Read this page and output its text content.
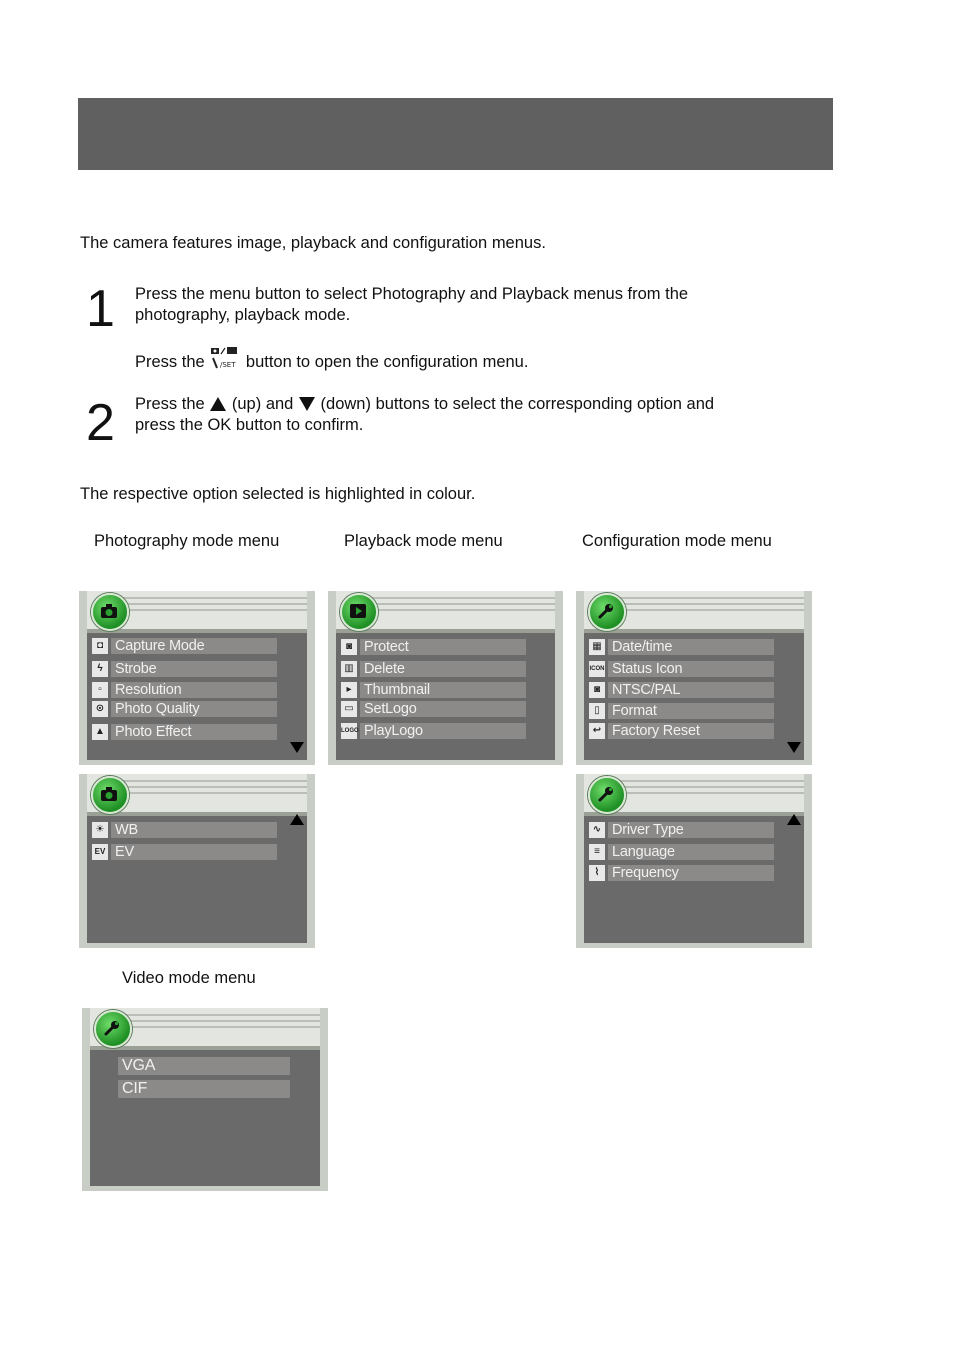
The camera features image, playback and configuration menus.

1 Press the menu button to select Photography and Playback menus from the

photography, playback mode.

Press the /SET button to open the configuration menu.

2 Press the (up) and (down) buttons to select the corresponding option and

press the OK button to confirm.

The respective option selected is highlighted in colour.

Photography mode menu	Playback mode menu	Configuration mode menu
◘ Capture Mode
ϟ Strobe
▫ Resolution
⊙ Photo Quality
▲ Photo Effect
◙ Protect
▥ Delete
▸ Thumbnail
▭ SetLogo
LOGO PlayLogo
▦ Date/time
ICON Status Icon
◙ NTSC/PAL
▯ Format
↩ Factory Reset
☀ WB
EV EV
∿ Driver Type
≡ Language
⌇ Frequency
Video mode menu
VGA
CIF
